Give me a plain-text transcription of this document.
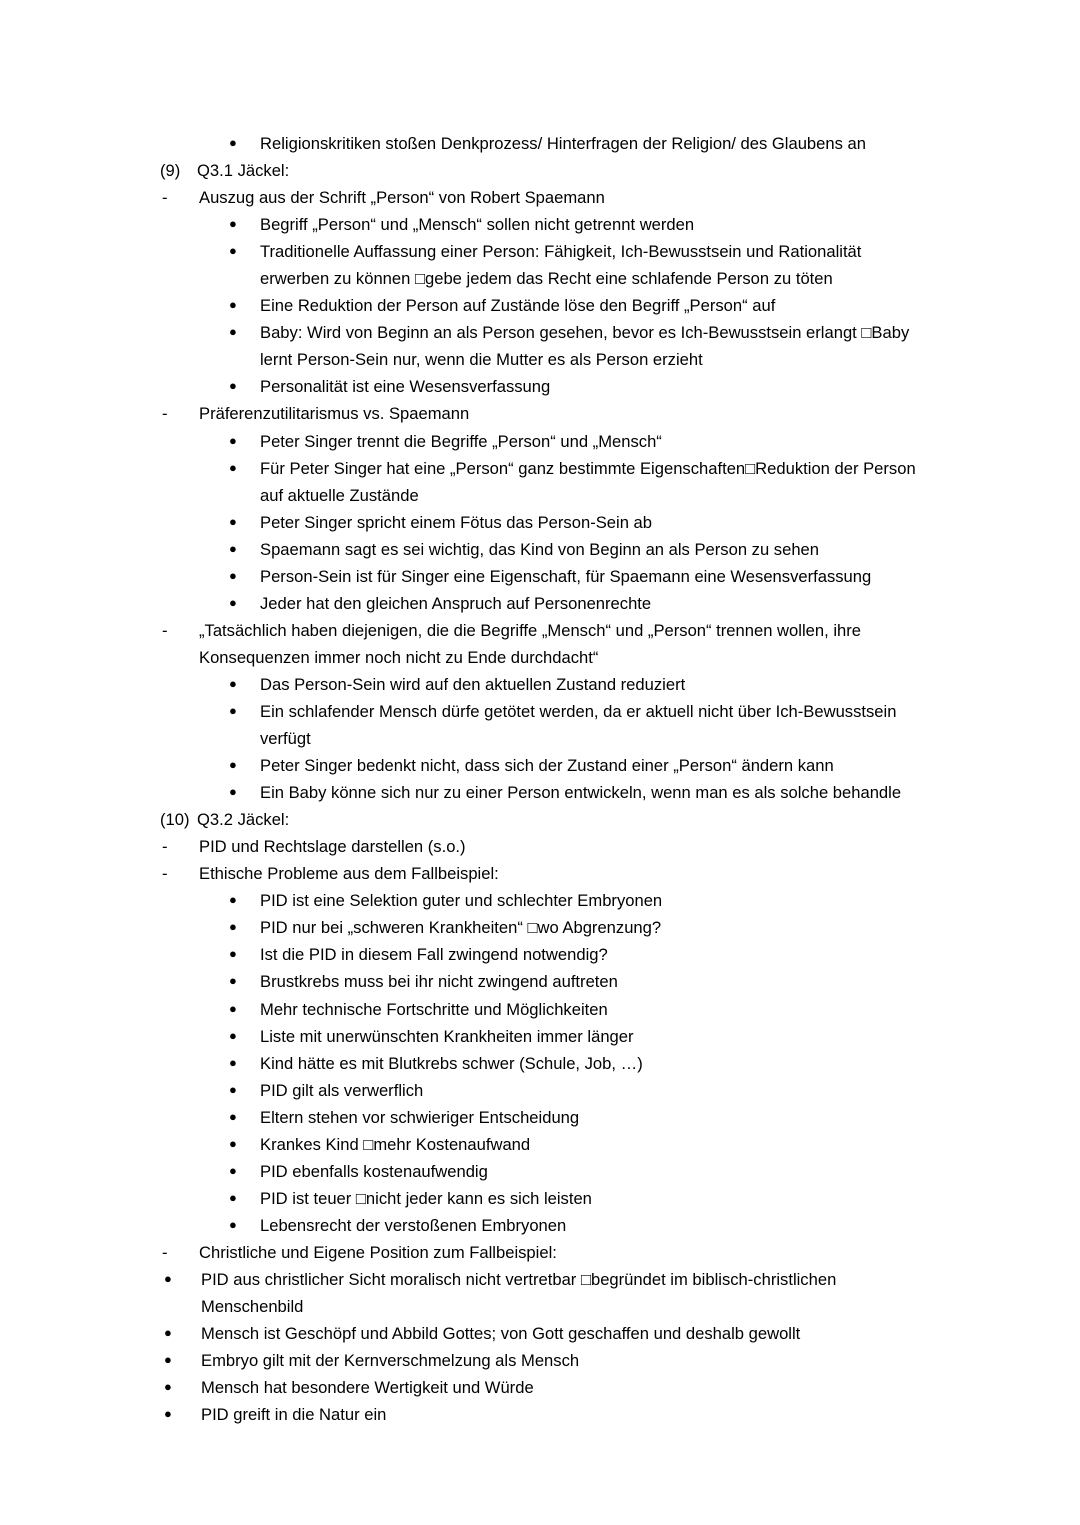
●	Religionskritiken stoßen Denkprozess/ Hinterfragen der Religion/ des Glaubens an
(9)	Q3.1 Jäckel:
-	Auszug aus der Schrift „Person“ von Robert Spaemann
●	Begriff „Person“ und „Mensch“ sollen nicht getrennt werden
●	Traditionelle Auffassung einer Person: Fähigkeit, Ich-Bewusstsein und Rationalität erwerben zu können □gebe jedem das Recht eine schlafende Person zu töten
●	Eine Reduktion der Person auf Zustände löse den Begriff „Person“ auf
●	Baby: Wird von Beginn an als Person gesehen, bevor es Ich-Bewusstsein erlangt □Baby lernt Person-Sein nur, wenn die Mutter es als Person erzieht
●	Personalität ist eine Wesensverfassung
-	Präferenzutilitarismus vs. Spaemann
●	Peter Singer trennt die Begriffe „Person“ und „Mensch“
●	Für Peter Singer hat eine „Person“ ganz bestimmte Eigenschaften□Reduktion der Person auf aktuelle Zustände
●	Peter Singer spricht einem Fötus das Person-Sein ab
●	Spaemann sagt es sei wichtig, das Kind von Beginn an als Person zu sehen
●	Person-Sein ist für Singer eine Eigenschaft, für Spaemann eine Wesensverfassung
●	Jeder hat den gleichen Anspruch auf Personenrechte
-	„Tatsächlich haben diejenigen, die die Begriffe „Mensch“ und „Person“ trennen wollen, ihre Konsequenzen immer noch nicht zu Ende durchdacht“
●	Das Person-Sein wird auf den aktuellen Zustand reduziert
●	Ein schlafender Mensch dürfe getötet werden, da er aktuell nicht über Ich-Bewusstsein verfügt
●	Peter Singer bedenkt nicht, dass sich der Zustand einer „Person“ ändern kann
●	Ein Baby könne sich nur zu einer Person entwickeln, wenn man es als solche behandle
(10) Q3.2 Jäckel:
-	PID und Rechtslage darstellen (s.o.)
-	Ethische Probleme aus dem Fallbeispiel:
●	PID ist eine Selektion guter und schlechter Embryonen
●	PID nur bei „schweren Krankheiten“ □wo Abgrenzung?
●	Ist die PID in diesem Fall zwingend notwendig?
●	Brustkrebs muss bei ihr nicht zwingend auftreten
●	Mehr technische Fortschritte und Möglichkeiten
●	Liste mit unerwünschten Krankheiten immer länger
●	Kind hätte es mit Blutkrebs schwer (Schule, Job, …)
●	PID gilt als verwerflich
●	Eltern stehen vor schwieriger Entscheidung
●	Krankes Kind □mehr Kostenaufwand
●	PID ebenfalls kostenaufwendig
●	PID ist teuer □nicht jeder kann es sich leisten
●	Lebensrecht der verstoßenen Embryonen
-	Christliche und Eigene Position zum Fallbeispiel:
●	PID aus christlicher Sicht moralisch nicht vertretbar □begründet im biblisch-christlichen Menschenbild
●	Mensch ist Geschöpf und Abbild Gottes; von Gott geschaffen und deshalb gewollt
●	Embryo gilt mit der Kernverschmelzung als Mensch
●	Mensch hat besondere Wertigkeit und Würde
●	PID greift in die Natur ein
